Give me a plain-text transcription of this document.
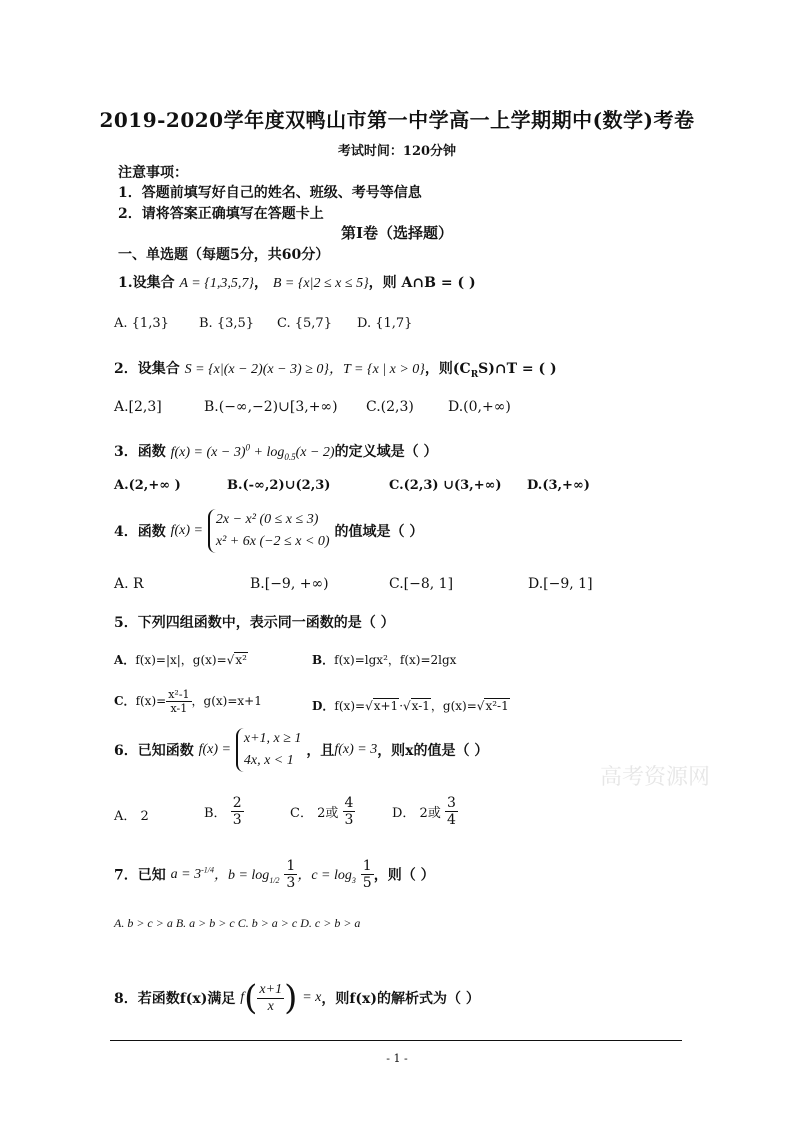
2019-2020学年度双鸭山市第一中学高一上学期期中(数学)考卷
考试时间：120分钟
注意事项：
1．答题前填写好自己的姓名、班级、考号等信息
2．请将答案正确填写在答题卡上
第I卷（选择题）
一、单选题（每题5分，共60分）
1.设集合 A = {1,3,5,7}， B = {x|2 ≤ x ≤ 5}，则 A∩B = ( )
A. {1,3} B. {3,5} C. {5,7} D. {1,7}
2．设集合 S = {x|(x − 2)(x − 3) ≥ 0}，T = {x | x > 0}，则$(C_RS)\cap T$ = ( )
A.[2,3]	B.(−∞,−2)∪[3,+∞) C.(2,3) D.(0,+∞)
3．函数 $f(x) = (x - 3)^0 + \log_{0.5}(x - 2)$的定义域是（ ）
A.(2,+∞ )	B.(-∞,2)∪(2,3)	C.(2,3) ∪(3,+∞) D.(3,+∞)
4．函数 f(x) =
2x − x² (0 ≤ x ≤ 3)
x² + 6x (−2 ≤ x < 0)
的值域是（ ）
A. R	B.[−9, +∞)	C.[−8, 1]	D.[−9, 1]
5．下列四组函数中，表示同一函数的是（ ）
A．f(x)=|x|，g(x)=√x²	B．f(x)=lgx²，f(x)=2lgx
C．$f(x)= \frac{\text{x²-1}}{x-1}$ ，g(x)=x+1	D．f(x)=√x+1·√x-1，g(x)=√x²-1
6．已知函数 f(x) =
x+1, x ≥ 1
4x, x < 1
，且f(x) = 3，则x的值是（ ）
A． 2	B． $\frac{2}{3}$	C． 2或 $\frac{4}{3}$	D． 2或 $\frac{3}{4}$
7．已知 $a = 3^{-1/4}$，$b = \log_{1/2} \frac{1}{3}$ ，$c = \log_3 \frac{1}{5}$ ，则（ ）
A. b > c > a B. a > b > c C. b > a > c D. c > b > a
8．若函数f(x)满足 $f( \frac{x+1}{x}$ ) = x，则f(x)的解析式为（ ）
高考资源网
- 1 -
